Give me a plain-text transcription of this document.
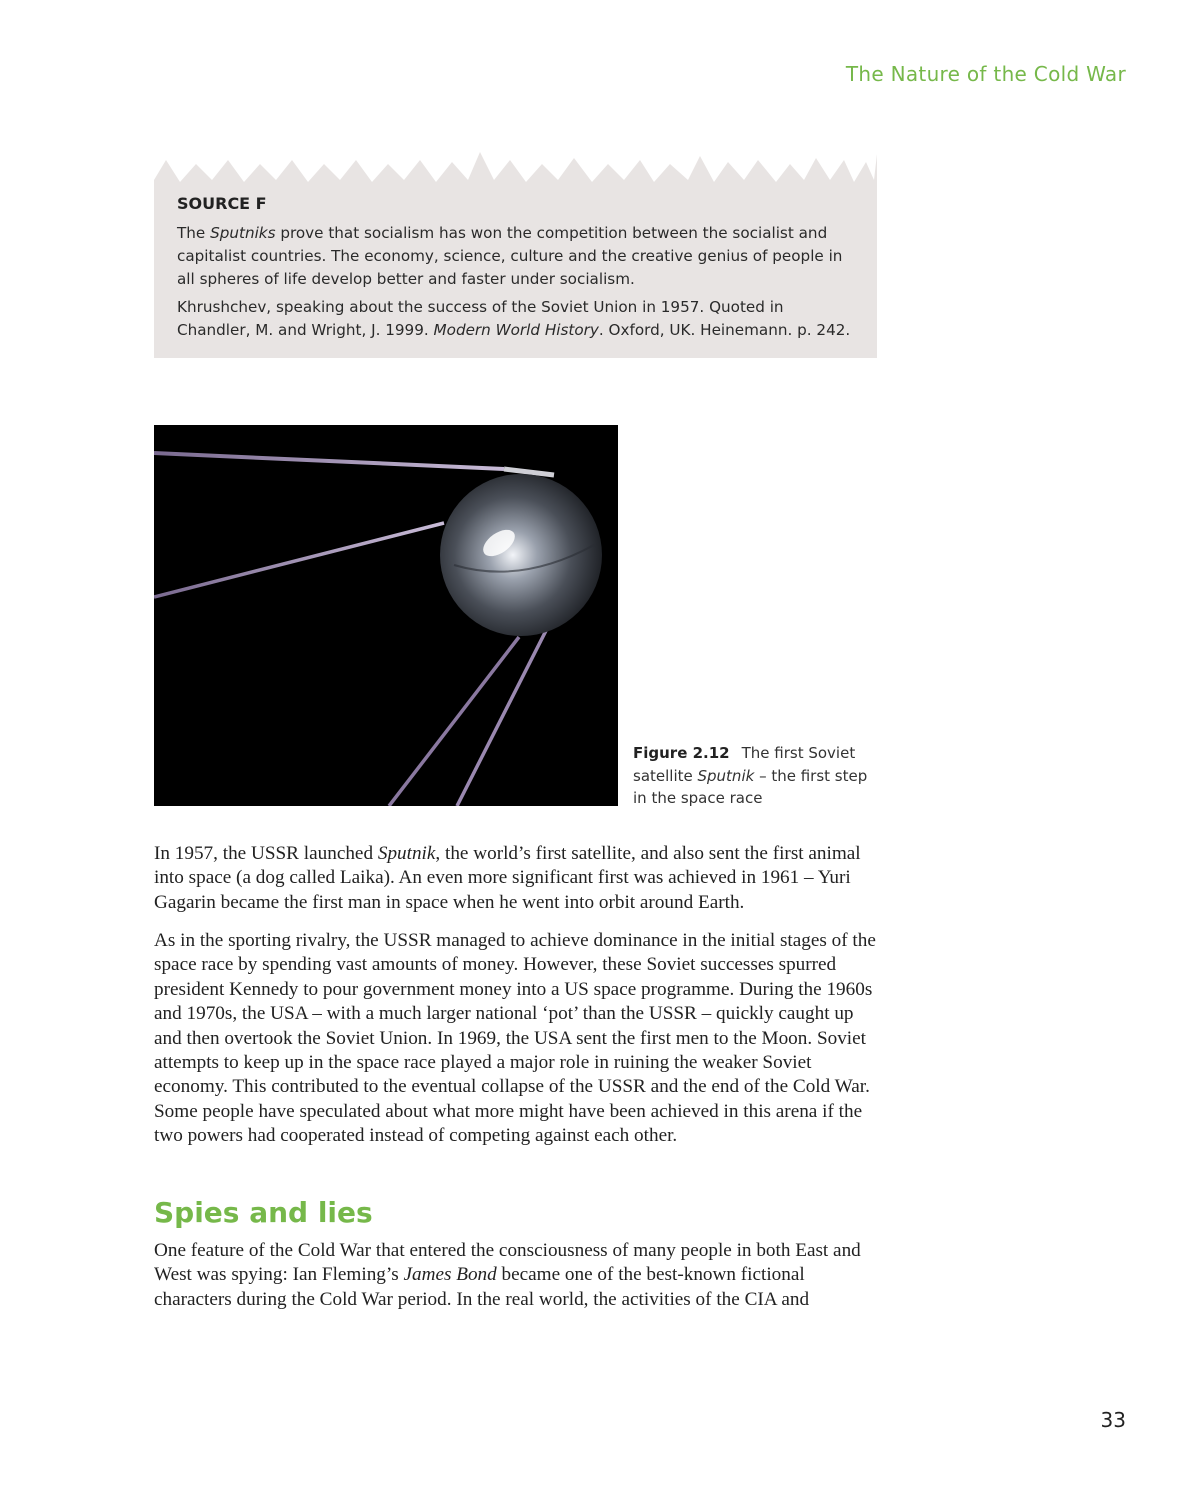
The Nature of the Cold War
SOURCE F

The Sputniks prove that socialism has won the competition between the socialist and capitalist countries. The economy, science, culture and the creative genius of people in all spheres of life develop better and faster under socialism.

Khrushchev, speaking about the success of the Soviet Union in 1957. Quoted in Chandler, M. and Wright, J. 1999. Modern World History. Oxford, UK. Heinemann. p. 242.

Figure 2.12 The first Soviet satellite Sputnik – the first step in the space race

In 1957, the USSR launched Sputnik, the world’s first satellite, and also sent the first animal into space (a dog called Laika). An even more significant first was achieved in 1961 – Yuri Gagarin became the first man in space when he went into orbit around Earth.

As in the sporting rivalry, the USSR managed to achieve dominance in the initial stages of the space race by spending vast amounts of money. However, these Soviet successes spurred president Kennedy to pour government money into a US space programme. During the 1960s and 1970s, the USA – with a much larger national ‘pot’ than the USSR – quickly caught up and then overtook the Soviet Union. In 1969, the USA sent the first men to the Moon. Soviet attempts to keep up in the space race played a major role in ruining the weaker Soviet economy. This contributed to the eventual collapse of the USSR and the end of the Cold War. Some people have speculated about what more might have been achieved in this arena if the two powers had cooperated instead of competing against each other.

Spies and lies

One feature of the Cold War that entered the consciousness of many people in both East and West was spying: Ian Fleming’s James Bond became one of the best-known fictional characters during the Cold War period. In the real world, the activities of the CIA and

33
